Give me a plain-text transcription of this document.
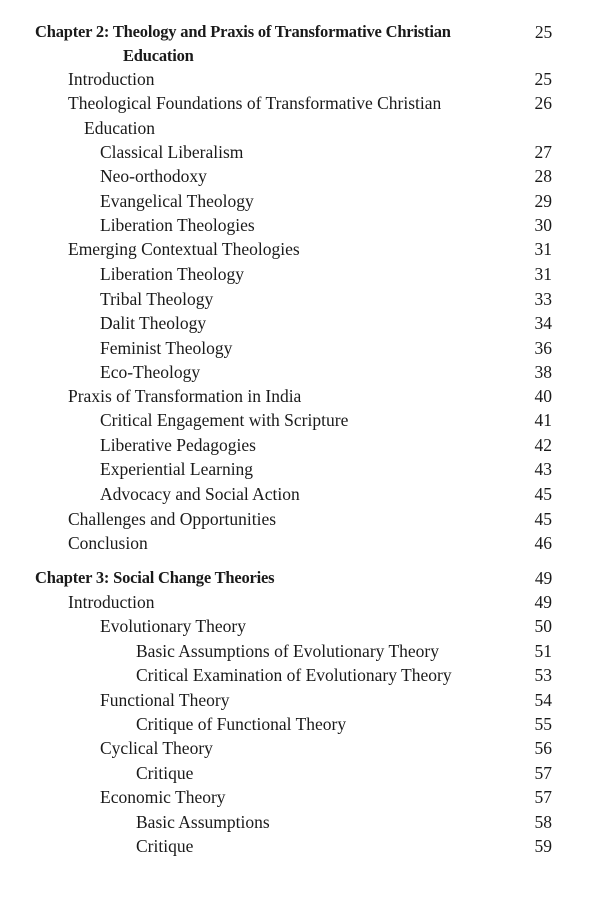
Chapter 2: Theology and Praxis of Transformative Christian	25
Education
Introduction	25
Theological Foundations of Transformative Christian	26
Education
Classical Liberalism	27
Neo-orthodoxy	28
Evangelical Theology	29
Liberation Theologies	30
Emerging Contextual Theologies	31
Liberation Theology	31
Tribal Theology	33
Dalit Theology	34
Feminist Theology	36
Eco-Theology	38
Praxis of Transformation in India	40
Critical Engagement with Scripture	41
Liberative Pedagogies	42
Experiential Learning	43
Advocacy and Social Action	45
Challenges and Opportunities	45
Conclusion	46
Chapter 3: Social Change Theories	49
Introduction	49
Evolutionary Theory	50
Basic Assumptions of Evolutionary Theory	51
Critical Examination of Evolutionary Theory	53
Functional Theory	54
Critique of Functional Theory	55
Cyclical Theory	56
Critique	57
Economic Theory	57
Basic Assumptions	58
Critique	59
